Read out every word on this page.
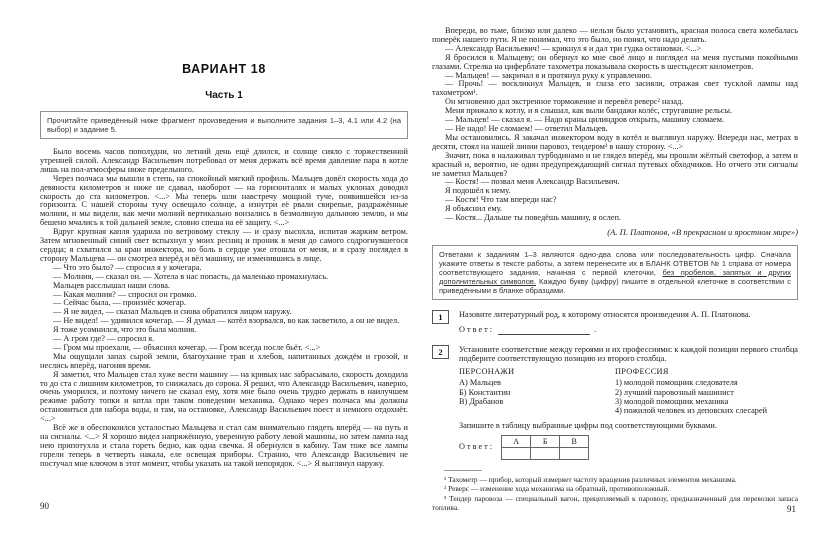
ВАРИАНТ 18
Часть 1

Прочитайте приведённый ниже фрагмент произведения и выполните задания 1–3, 4.1 или 4.2 (на выбор) и задание 5.

Было восемь часов пополудни, но летний день ещё длился, и солнце сияло с торжественной утренней силой. Александр Васильевич потребовал от меня держать всё время давление пара в котле лишь на пол-атмосферы ниже предельного.

Через полчаса мы вышли в степь, на спокойный мягкий профиль. Мальцев довёл скорость хода до девяноста километров и ниже не сдавал, наоборот — на горизонталях и малых уклонах доводил скорость до ста километров. <...> Мы теперь шли навстречу мощной туче, появившейся из-за горизонта. С нашей стороны тучу освещало солнце, а изнутри её рвали свирепые, раздражённые молнии, и мы видели, как мечи молний вертикально вонзались в безмолвную дальнюю землю, и мы бешено мчались к той дальней земле, словно спеша на её защиту. <...>

Вдруг крупная капля ударила по ветровому стеклу — и сразу высохла, испитая жарким ветром. Затем мгновенный синий свет вспыхнул у моих ресниц и проник в меня до самого содрогнувшегося сердца; я схватился за кран инжектора, но боль в сердце уже отошла от меня, и я сразу поглядел в сторону Мальцева — он смотрел вперёд и вёл машину, не изменившись в лице.

— Что это было? — спросил я у кочегара.

— Молния, — сказал он. — Хотела в нас попасть, да маленько промахнулась.

Мальцев расслышал наши слова.

— Какая молния? — спросил он громко.

— Сейчас была, — произнёс кочегар.

— Я не видел, — сказал Мальцев и снова обратился лицом наружу.

— Не видел! — удивился кочегар. — Я думал — котёл взорвался, во как засветило, а он не видел.

Я тоже усомнился, что это была молния.

— А гром где? — спросил я.

— Гром мы проехали, — объяснил кочегар. — Гром всегда после бьёт. <...>

Мы ощущали запах сырой земли, благоухание трав и хлебов, напитанных дождём и грозой, и неслись вперёд, нагоняя время.

Я заметил, что Мальцев стал хуже вести машину — на кривых нас забрасывало, скорость доходила то до ста с лишним километров, то снижалась до сорока. Я решил, что Александр Васильевич, наверно, очень уморился, и поэтому ничего не сказал ему, хотя мне было очень трудно держать в наилучшем режиме работу топки и котла при таком поведении механика. Однако через полчаса мы должны остановиться для набора воды, и там, на остановке, Александр Васильевич поест и немного отдохнёт. <...>

Всё же я обеспокоился усталостью Мальцева и стал сам внимательно глядеть вперёд — на путь и на сигналы. <...> Я хорошо видел напряжённую, уверенную работу левой машины, но затем лампа над нею припотухла и стала гореть бедно, как одна свечка. Я обернулся в кабину. Там тоже все лампы горели теперь в четверть накала, еле освещая приборы. Странно, что Александр Васильевич не постучал мне ключом в этот момент, чтобы указать на такой непорядок. <...> Я выглянул наружу.

90

Впереди, во тьме, близко или далеко — нельзя было установить, красная полоса света колебалась поперёк нашего пути. Я не понимал, что это было, но понял, что надо делать.

— Александр Васильевич! — крикнул я и дал три гудка остановки. <...>

Я бросился к Мальцеву; он обернул ко мне своё лицо и поглядел на меня пустыми покойными глазами. Стрелка на циферблате тахометра показывала скорость в шестьдесят километров.

— Мальцев! — закричал я и протянул руку к управлению.

— Прочь! — воскликнул Мальцев, и глаза его засияли, отражая свет тусклой лампы над тахометром¹.

Он мгновенно дал экстренное торможение и перевёл реверс² назад.

Меня прижало к котлу, и я слышал, как выли бандажи колёс, стругавшие рельсы.

— Мальцев! — сказал я. — Надо краны цилиндров открыть, машину сломаем.

— Не надо! Не сломаем! — ответил Мальцев.

Мы остановились. Я закачал инжектором воду в котёл и выглянул наружу. Впереди нас, метрах в десяти, стоял на нашей линии паровоз, тендером³ в нашу сторону. <...>

Значит, пока я налаживал турбодинамо и не глядел вперёд, мы прошли жёлтый светофор, а затем и красный и, вероятно, не один предупреждающий сигнал путевых обходчиков. Но отчего эти сигналы не заметил Мальцев?

— Костя! — позвал меня Александр Васильевич.

Я подошёл к нему.

— Костя! Что там впереди нас?

Я объяснил ему.

— Костя... Дальше ты поведёшь машину, я ослеп.

(А. П. Платонов, «В прекрасном и яростном мире»)

Ответами к заданиям 1–3 являются одно-два слова или последовательность цифр. Сначала укажите ответы в тексте работы, а затем перенесите их в БЛАНК ОТВЕТОВ № 1 справа от номера соответствующего задания, начиная с первой клеточки, без пробелов, запятых и других дополнительных символов. Каждую букву (цифру) пишите в отдельной клеточке в соответствии с приведёнными в бланке образцами.

1	Назовите литературный род, к которому относятся произведения А. П. Платонова.

Ответ:	.
2	Установите соответствие между героями и их профессиями: к каждой позиции первого столбца подберите соответствующую позицию из второго столбца.

ПЕРСОНАЖИ

А) Мальцев

Б) Константин

В) Драбанов

ПРОФЕССИЯ

1) молодой помощник следователя

2) лучший паровозный машинист

3) молодой помощник механика

4) пожилой человек из деповских слесарей

Запишите в таблицу выбранные цифры под соответствующими буквами.

Ответ:
А	Б	В

¹ Тахометр — прибор, который измеряет частоту вращения различных элементов механизма.

² Реверс — изменение хода механизма на обратный, противоположный.

³ Тендер паровоза — специальный вагон, прицепляемый к паровозу, предназначенный для перевозки запаса топлива.	91
